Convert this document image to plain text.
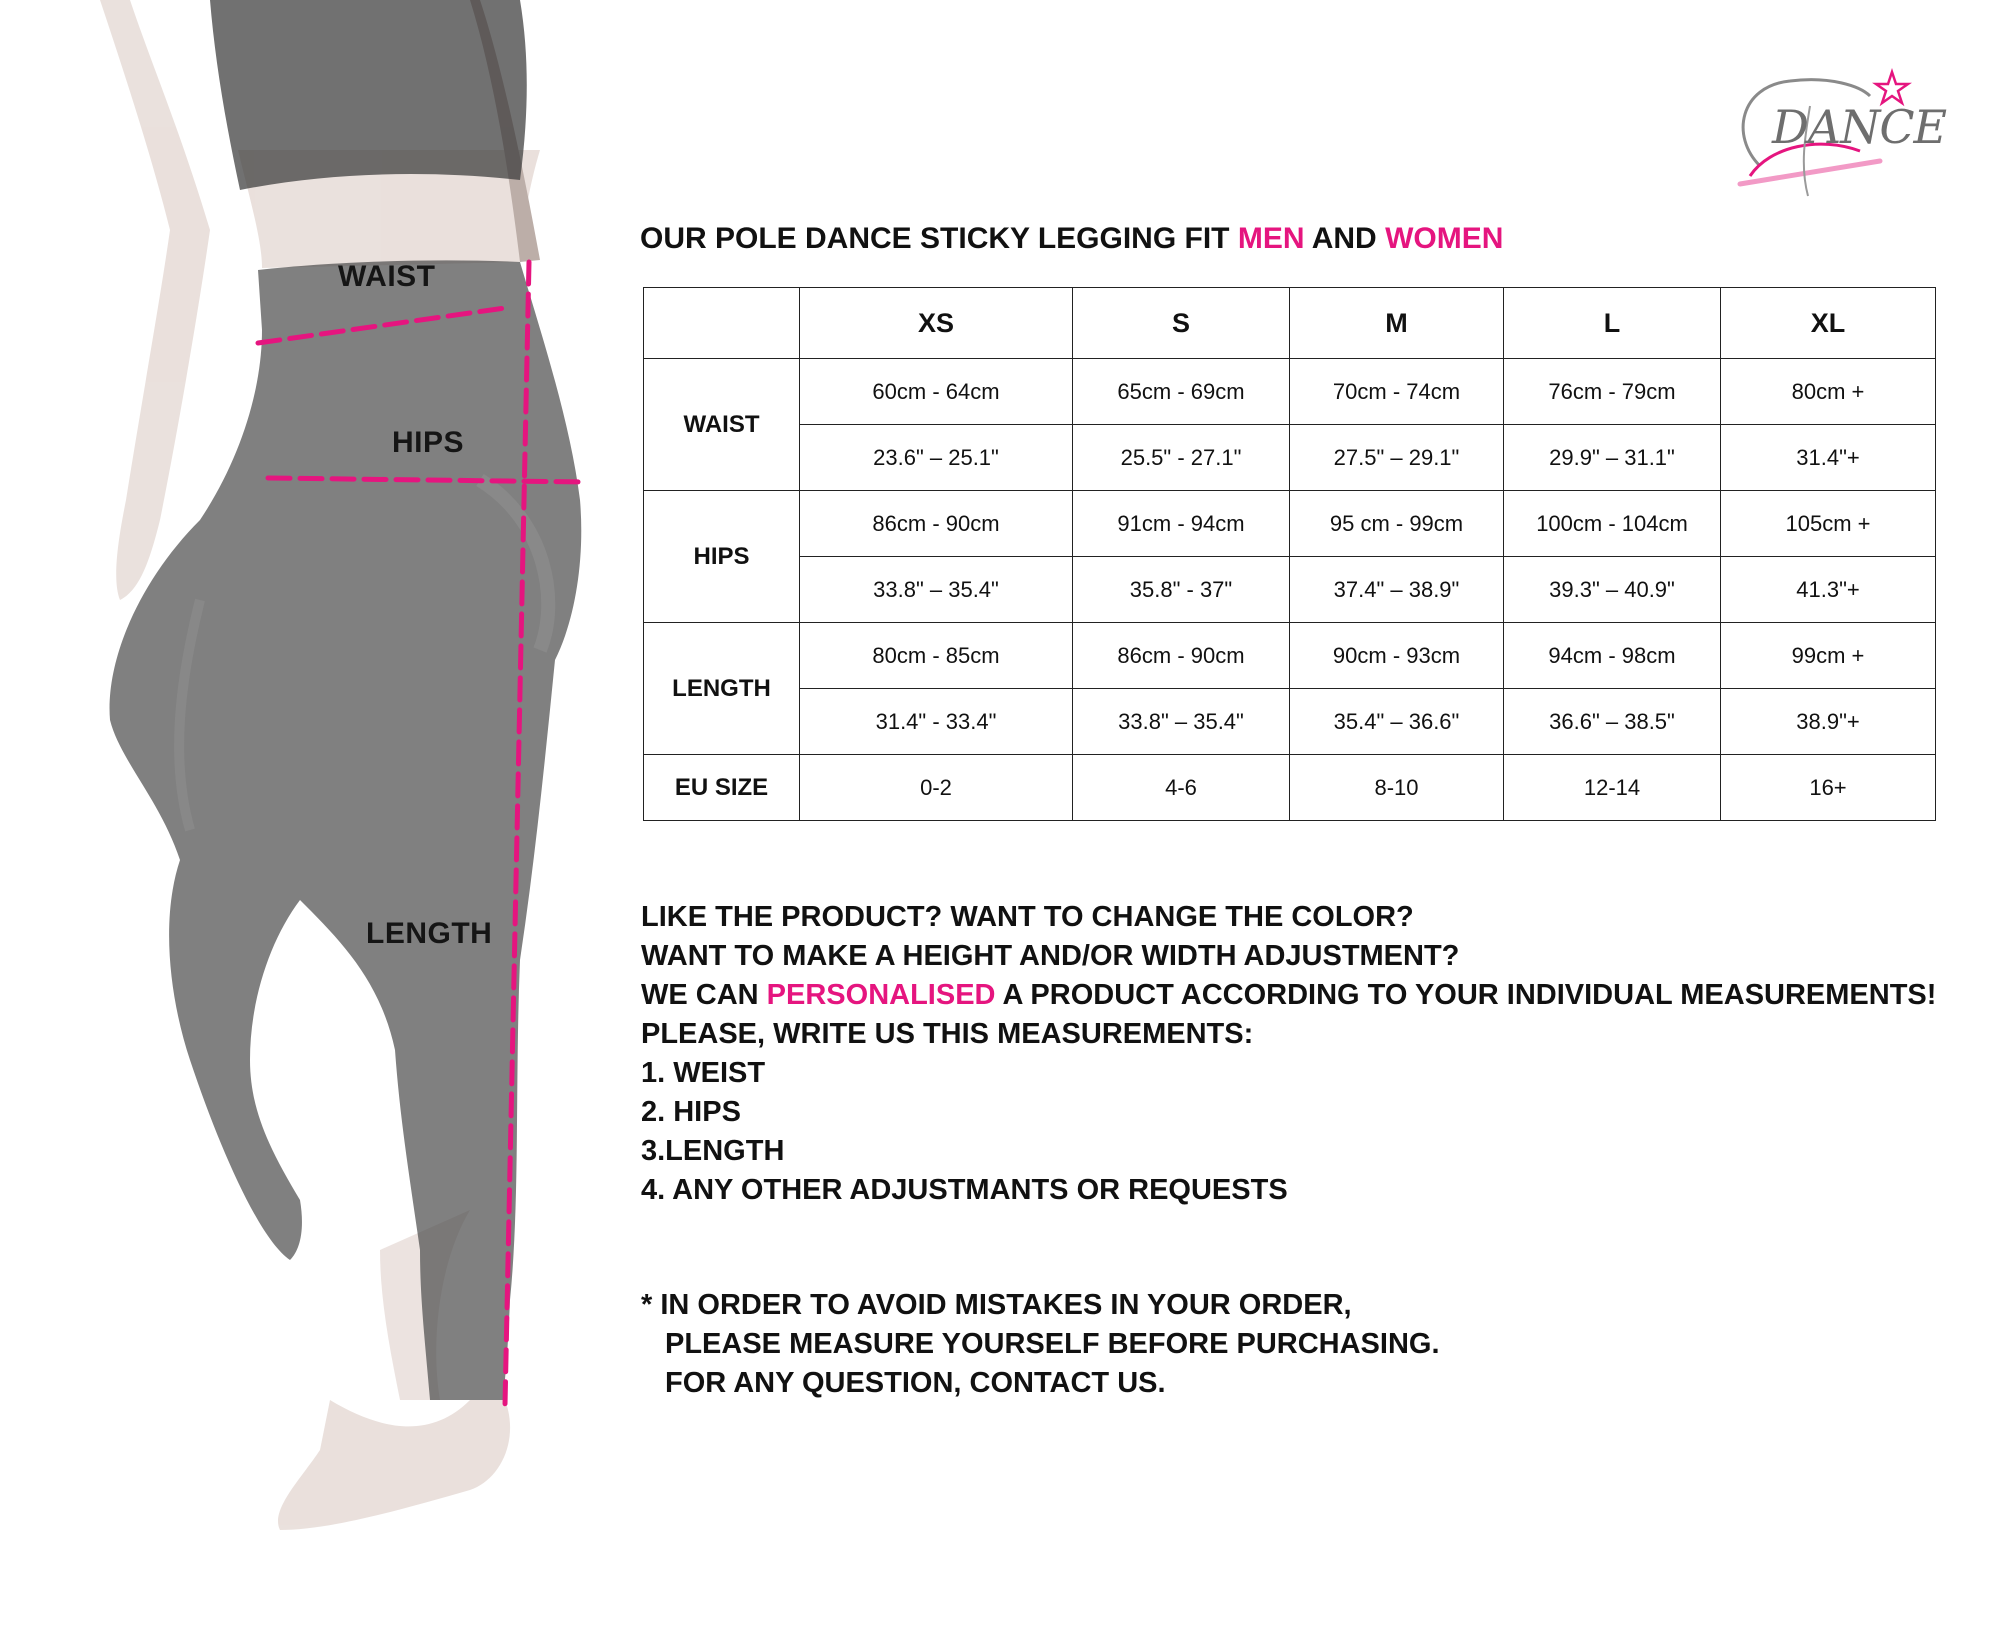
WAIST
HIPS
LENGTH
DANCE
OUR POLE DANCE STICKY LEGGING FIT MEN AND WOMEN
	XS	S	M	L	XL
WAIST	60cm - 64cm	65cm - 69cm	70cm - 74cm	76cm - 79cm	80cm +
	23.6" – 25.1"	25.5" - 27.1"	27.5" – 29.1"	29.9" – 31.1"	31.4"+
HIPS	86cm - 90cm	91cm - 94cm	95 cm - 99cm	100cm - 104cm	105cm +
	33.8" – 35.4"	35.8" - 37"	37.4" – 38.9"	39.3" – 40.9"	41.3"+
LENGTH	80cm - 85cm	86cm - 90cm	90cm - 93cm	94cm - 98cm	99cm +
	31.4" - 33.4"	33.8" – 35.4"	35.4" – 36.6"	36.6" – 38.5"	38.9"+
EU SIZE	0-2	4-6	8-10	12-14	16+
LIKE THE PRODUCT? WANT TO CHANGE THE COLOR?
WANT TO MAKE A HEIGHT AND/OR WIDTH ADJUSTMENT?
WE CAN PERSONALISED A PRODUCT ACCORDING TO YOUR INDIVIDUAL MEASUREMENTS!
PLEASE, WRITE US THIS MEASUREMENTS:
1. WEIST
2. HIPS
3.LENGTH
4. ANY OTHER ADJUSTMANTS OR REQUESTS
* IN ORDER TO AVOID MISTAKES IN YOUR ORDER,
PLEASE MEASURE YOURSELF BEFORE PURCHASING.
FOR ANY QUESTION, CONTACT US.
